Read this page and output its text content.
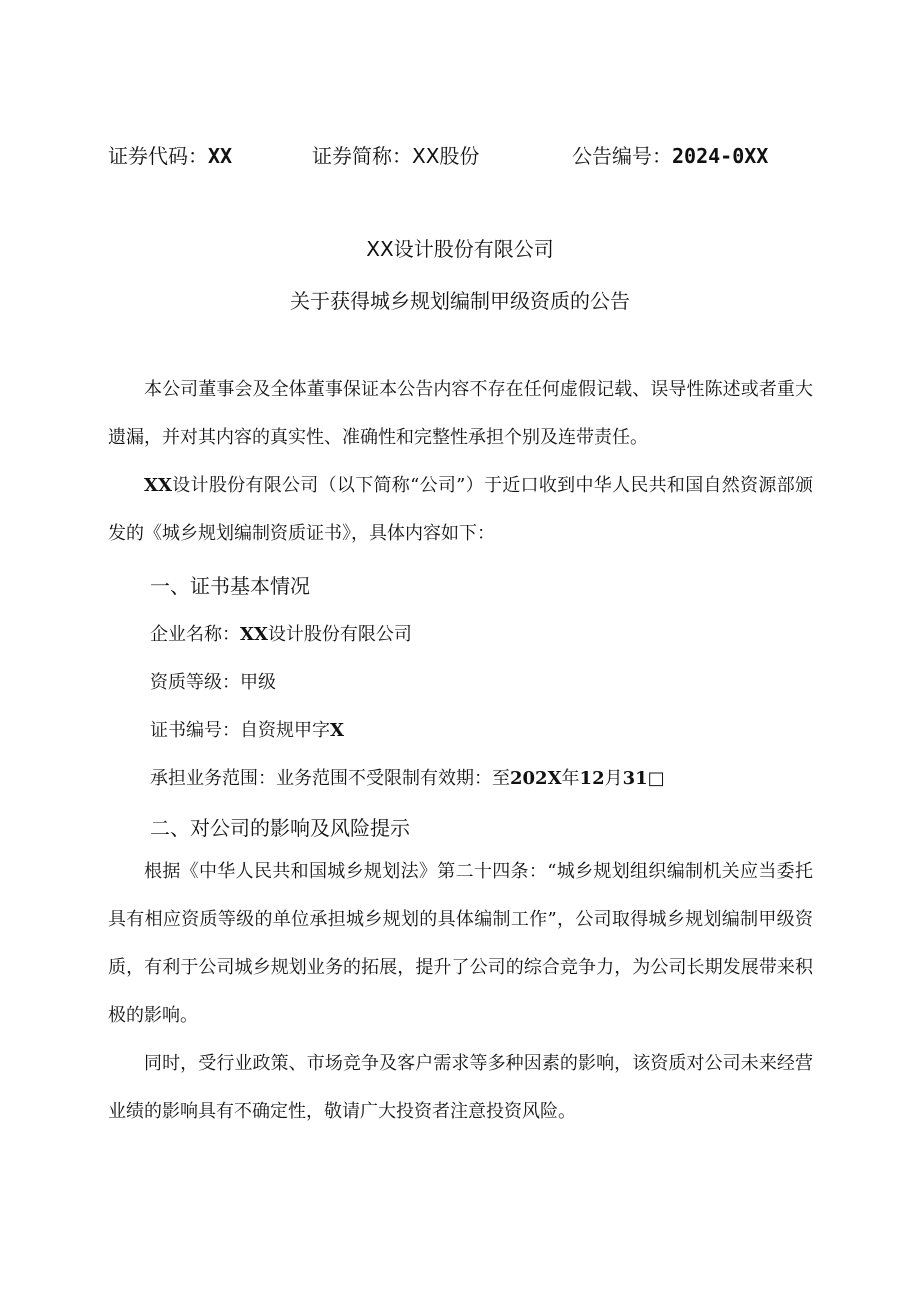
证券代码：XX	证券简称：XX股份	公告编号：2024-0XX
XX设计股份有限公司
关于获得城乡规划编制甲级资质的公告
本公司董事会及全体董事保证本公告内容不存在任何虚假记载、误导性陈述或者重大遗漏，并对其内容的真实性、准确性和完整性承担个别及连带责任。
XX设计股份有限公司（以下简称“公司”）于近口收到中华人民共和国自然资源部颁发的《城乡规划编制资质证书》，具体内容如下：
一、证书基本情况
企业名称：XX设计股份有限公司
资质等级：甲级
证书编号：自资规甲字X
承担业务范围：业务范围不受限制有效期：至202X年12月31□
二、对公司的影响及风险提示
根据《中华人民共和国城乡规划法》第二十四条：“城乡规划组织编制机关应当委托具有相应资质等级的单位承担城乡规划的具体编制工作”，公司取得城乡规划编制甲级资质，有利于公司城乡规划业务的拓展，提升了公司的综合竞争力，为公司长期发展带来积极的影响。
同时，受行业政策、市场竞争及客户需求等多种因素的影响，该资质对公司未来经营业绩的影响具有不确定性，敬请广大投资者注意投资风险。
